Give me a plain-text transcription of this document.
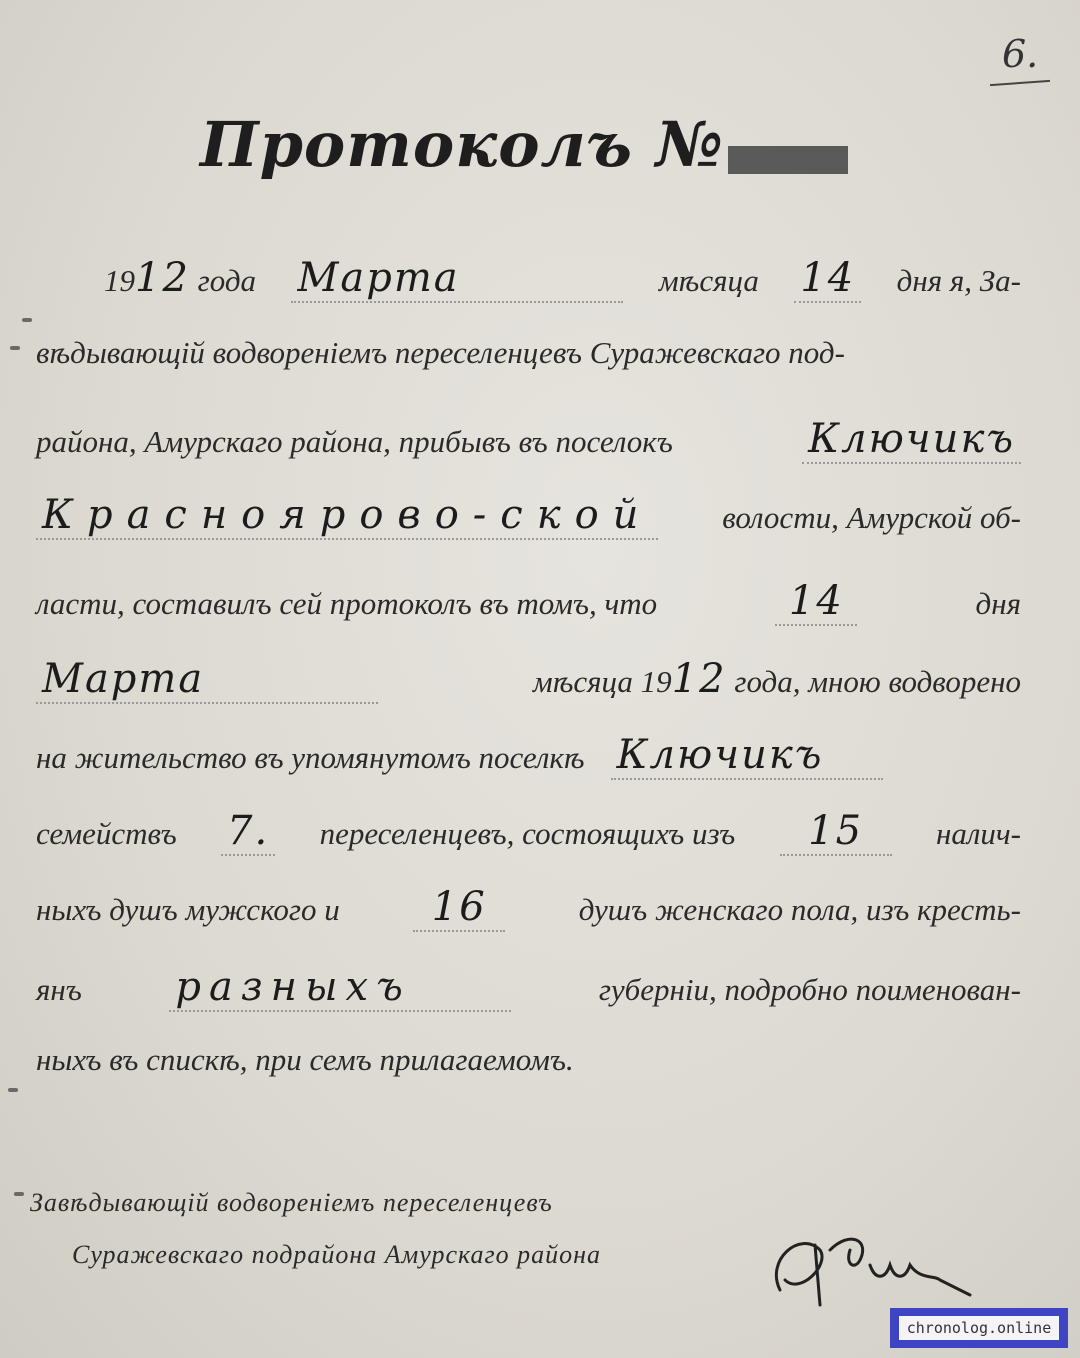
6.
Протоколъ №
1912 года Марта	мѣсяца 14 дня я, За-
вѣдывающій водвореніемъ переселенцевъ Суражевскаго под-
района, Амурскаго района, прибывъ въ поселокъ	Ключикъ
Красноярово-ской волости, Амурской об-
ласти, составилъ сей протоколъ въ томъ, что	14	дня
Марта	мѣсяца 1912 года, мною водворено
на жительство въ упомянутомъ поселкѣ Ключикъ
семействъ 7. переселенцевъ, состоящихъ изъ	15	налич-
ныхъ душъ мужского и	16	душъ женскаго пола, изъ кресть-
янъ разныхъ	губерніи, подробно поименован-
ныхъ въ спискѣ, при семъ прилагаемомъ.
Завѣдывающій водвореніемъ переселенцевъ
Суражевскаго подрайона Амурскаго района
chronolog.online
